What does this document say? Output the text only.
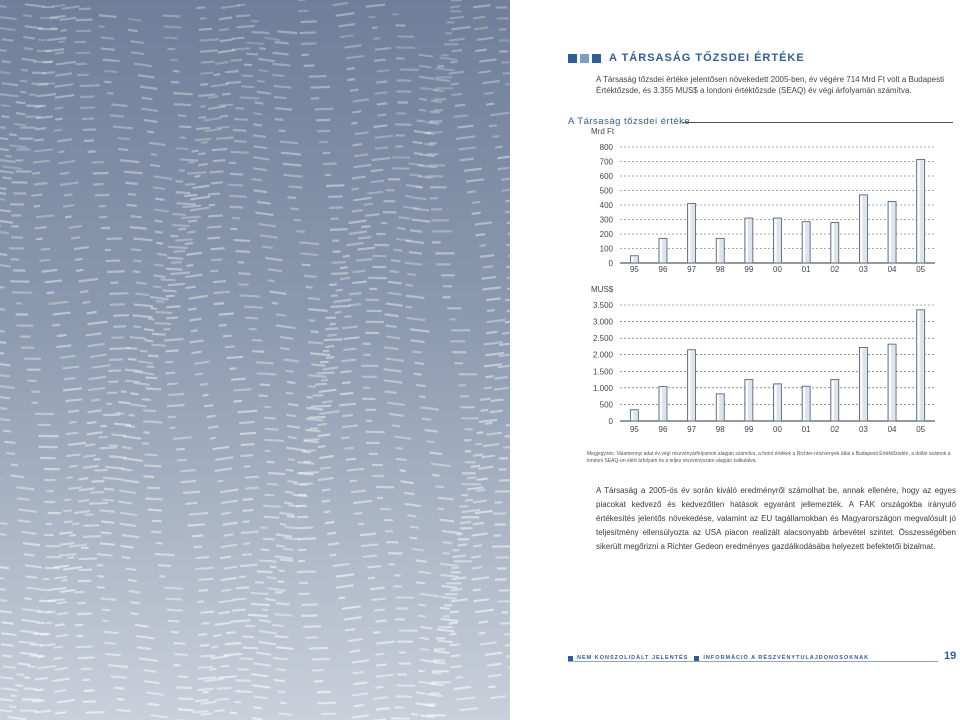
A TÁRSASÁG TŐZSDEI ÉRTÉKE

A Társaság tőzsdei értéke jelentősen növekedett 2005-ben, év végére 714 Mrd Ft volt a Budapesti Értéktőzsde, és 3.355 MUS$ a londoni értéktőzsde (SEAQ) év végi árfolyamán számítva.

A Társaság tőzsdei értéke
Mrd Ft
0
100
200
300
400
500
600
700
800
95 96 97 98 99 00 01 02 03 04 05
MUS$
0
500
1.000
1.500
2.000
2.500
3.000
3.500
95 96 97 98 99 00 01 02 03 04 05

Megjegyzés: Valamennyi adat év végi részvényárfolyamok alapján számítva, a forint értékek a Richter-részvények által a Budapesti Értéktőzsdén, a dollár számok a londoni SEAQ-on elért árfolyam és a teljes részvényszám alapján kalkulálva.

A Társaság a 2005-ös év során kiváló eredményről számolhat be, annak ellenére, hogy az egyes piacokat kedvező és kedvezőtlen hatások egyaránt jellemezték. A FÁK országokba irányuló értékesítés jelentős növekedése, valamint az EU tagállamokban és Magyarországon megvalósult jó teljesítmény ellensúlyozta az USA piacon realizált alacsonyabb árbevétel szintet. Összességében sikerült megőrizni a Richter Gedeon eredményes gazdálkodásába helyezett befektetői bizalmat.

NEM KONSZOLIDÁLT JELENTÉS	INFORMÁCIÓ A RÉSZVÉNYTULAJDONOSOKNAK	19
